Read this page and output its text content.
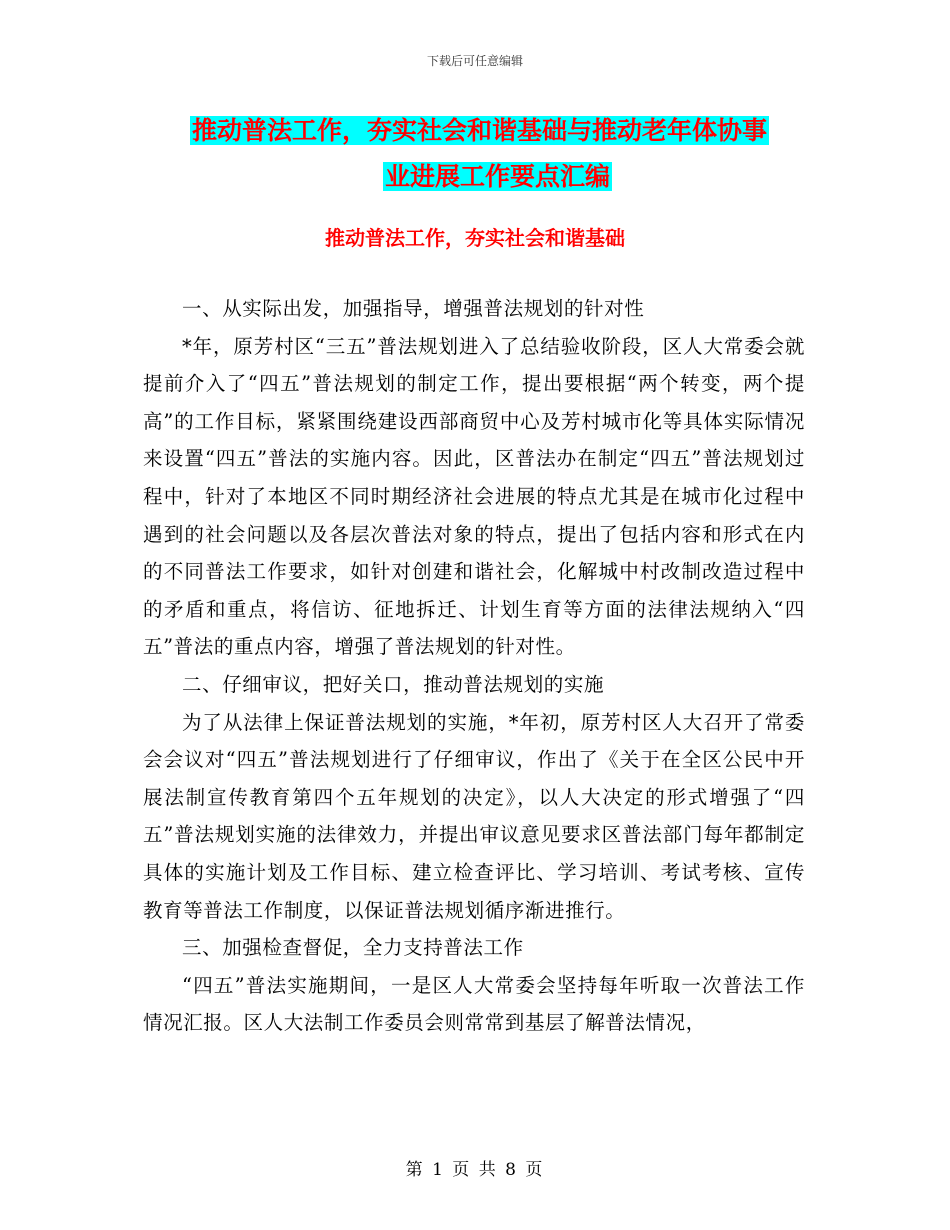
下载后可任意编辑
推动普法工作，夯实社会和谐基础与推动老年体协事
业进展工作要点汇编
推动普法工作，夯实社会和谐基础

一、从实际出发，加强指导，增强普法规划的针对性

*年，原芳村区“三五”普法规划进入了总结验收阶段，区人大常委会就提前介入了“四五”普法规划的制定工作，提出要根据“两个转变，两个提高”的工作目标，紧紧围绕建设西部商贸中心及芳村城市化等具体实际情况来设置“四五”普法的实施内容。因此，区普法办在制定“四五”普法规划过程中，针对了本地区不同时期经济社会进展的特点尤其是在城市化过程中遇到的社会问题以及各层次普法对象的特点，提出了包括内容和形式在内的不同普法工作要求，如针对创建和谐社会，化解城中村改制改造过程中的矛盾和重点，将信访、征地拆迁、计划生育等方面的法律法规纳入“四五”普法的重点内容，增强了普法规划的针对性。

二、仔细审议，把好关口，推动普法规划的实施

为了从法律上保证普法规划的实施，*年初，原芳村区人大召开了常委会会议对“四五”普法规划进行了仔细审议，作出了《关于在全区公民中开展法制宣传教育第四个五年规划的决定》，以人大决定的形式增强了“四五”普法规划实施的法律效力，并提出审议意见要求区普法部门每年都制定具体的实施计划及工作目标、建立检查评比、学习培训、考试考核、宣传教育等普法工作制度，以保证普法规划循序渐进推行。

三、加强检查督促，全力支持普法工作

“四五”普法实施期间，一是区人大常委会坚持每年听取一次普法工作情况汇报。区人大法制工作委员会则常常到基层了解普法情况，

第 1 页 共 8 页
